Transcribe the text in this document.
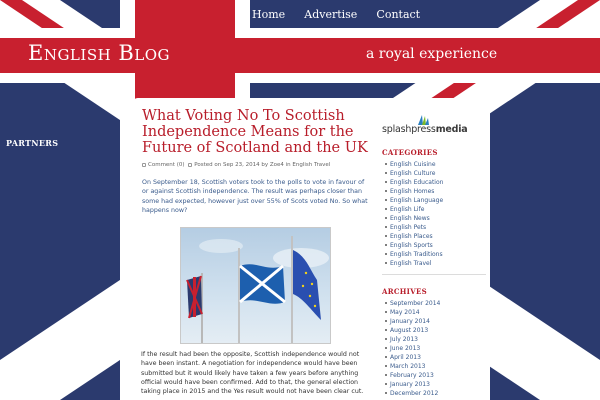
Home Advertise Contact Network Subscribe
English Blog	a royal experience
PARTNERS
What Voting No To Scottish Independence Means for the Future of Scotland and the UK
Comment (0) Posted on Sep 23, 2014 by Zoe4 in English Travel

On September 18, Scottish voters took to the polls to vote in favour of or against Scottish independence. The result was perhaps closer than some had expected, however just over 55% of Scots voted No. So what happens now?

If the result had been the opposite, Scottish independence would not have been instant. A negotiation for independence would have been submitted but it would likely have taken a few years before anything official would have been confirmed. Add to that, the general election taking place in 2015 and the Yes result would not have been clear cut.

splashpressmedia
CATEGORIES
English Cuisine
English Culture
English Education
English Homes
English Language
English Life
English News
English Pets
English Places
English Sports
English Traditions
English Travel
ARCHIVES
September 2014
May 2014
January 2014
August 2013
July 2013
June 2013
April 2013
March 2013
February 2013
January 2013
December 2012
